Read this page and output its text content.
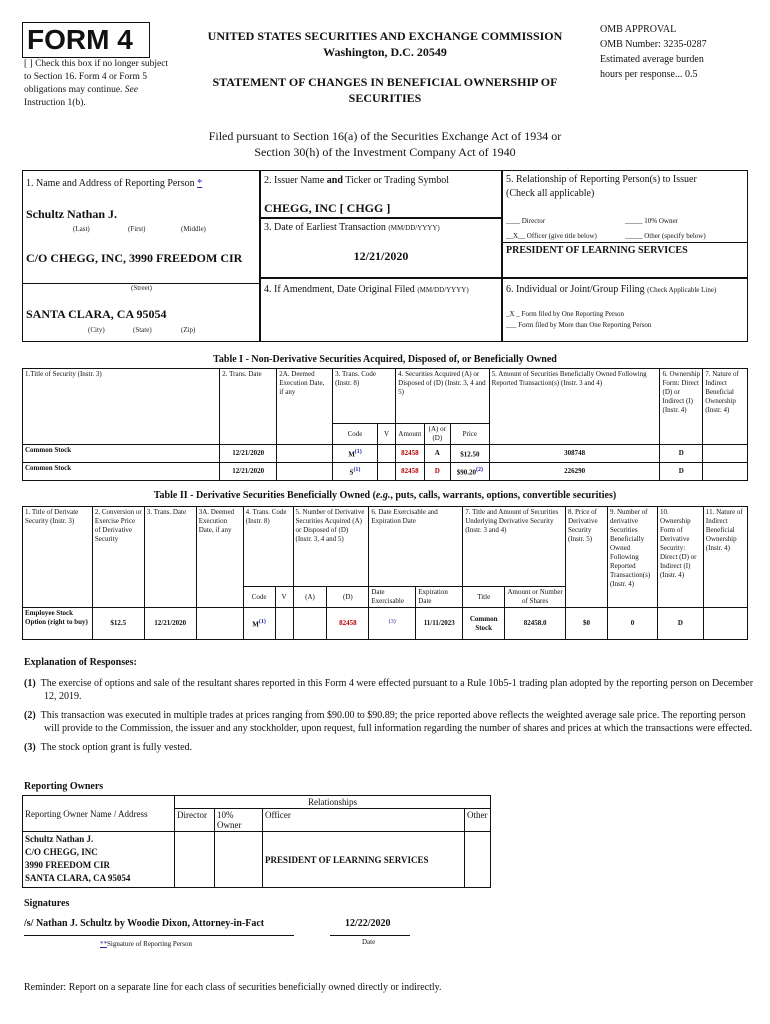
FORM 4
[ ] Check this box if no longer subject to Section 16. Form 4 or Form 5 obligations may continue. See Instruction 1(b).
UNITED STATES SECURITIES AND EXCHANGE COMMISSION
Washington, D.C. 20549
STATEMENT OF CHANGES IN BENEFICIAL OWNERSHIP OF SECURITIES
OMB APPROVAL
OMB Number: 3235-0287
Estimated average burden
hours per response... 0.5
Filed pursuant to Section 16(a) of the Securities Exchange Act of 1934 or
Section 30(h) of the Investment Company Act of 1940
1. Name and Address of Reporting Person *
Schultz Nathan J.
(Last)	(First)	(Middle)
C/O CHEGG, INC, 3990 FREEDOM CIR
(Street)
SANTA CLARA, CA 95054
(City)	(State)	(Zip)
2. Issuer Name and Ticker or Trading Symbol
CHEGG, INC [ CHGG ]
3. Date of Earliest Transaction (MM/DD/YYYY)
12/21/2020
4. If Amendment, Date Original Filed (MM/DD/YYYY)
5. Relationship of Reporting Person(s) to Issuer
(Check all applicable)
____ Director	_____ 10% Owner
__X__ Officer (give title below)	_____ Other (specify below)
PRESIDENT OF LEARNING SERVICES
6. Individual or Joint/Group Filing (Check Applicable Line)
_X _ Form filed by One Reporting Person
___ Form filed by More than One Reporting Person
Table I - Non-Derivative Securities Acquired, Disposed of, or Beneficially Owned
1.Title of Security (Instr. 3)	2. Trans. Date	2A. Deemed Execution Date, if any	3. Trans. Code (Instr. 8)		4. Securities Acquired (A) or Disposed of (D) (Instr. 3, 4 and 5)			5. Amount of Securities Beneficially Owned Following Reported Transaction(s) (Instr. 3 and 4)	6. Ownership Form: Direct (D) or Indirect (I) (Instr. 4)	7. Nature of Indirect Beneficial Ownership (Instr. 4)
			Code	V	Amount	(A) or (D)	Price			
Common Stock	12/21/2020		$M^{(1)}$		82458	A	$12.50	308748	D	
Common Stock	12/21/2020		$S^{(1)}$		82458	D	$90.20$^{(2)}$	226290	D	
Table II - Derivative Securities Beneficially Owned (e.g., puts, calls, warrants, options, convertible securities)
1. Title of Derivate Security (Instr. 3)	2. Conversion or Exercise Price of Derivative Security	3. Trans. Date	3A. Deemed Execution Date, if any	4. Trans. Code (Instr. 8)		5. Number of Derivative Securities Acquired (A) or Disposed of (D) (Instr. 3, 4 and 5)		6. Date Exercisable and Expiration Date		7. Title and Amount of Securities Underlying Derivative Security (Instr. 3 and 4)		8. Price of Derivative Security (Instr. 5)	9. Number of derivative Securities Beneficially Owned Following Reported Transaction(s) (Instr. 4)	10. Ownership Form of Derivative Security: Direct (D) or Indirect (I) (Instr. 4)	11. Nature of Indirect Beneficial Ownership (Instr. 4)
				Code	V	(A)	(D)	Date Exercisable	Expiration Date	Title	Amount or Number of Shares				
Employee Stock Option (right to buy)	$12.5	12/21/2020		$M^{(1)}$			82458	$^{(3)}$	11/11/2023	Common Stock	82458.0	$0	0	D	
Explanation of Responses:

(1) The exercise of options and sale of the resultant shares reported in this Form 4 were effected pursuant to a Rule 10b5-1 trading plan adopted by the reporting person on December 12, 2019.

(2) This transaction was executed in multiple trades at prices ranging from $90.00 to $90.89; the price reported above reflects the weighted average sale price. The reporting person will provide to the Commission, the issuer and any stockholder, upon request, full information regarding the number of shares and prices at which the transactions were effected.

(3) The stock option grant is fully vested.

Reporting Owners
Reporting Owner Name / Address	Relationships			
	Director	10% Owner	Officer	Other

Schultz Nathan J.
C/O CHEGG, INC
3990 FREEDOM CIR
SANTA CLARA, CA 95054			PRESIDENT OF LEARNING SERVICES	
Signatures
/s/ Nathan J. Schultz by Woodie Dixon, Attorney-in-Fact	12/22/2020
**Signature of Reporting Person	Date
Reminder: Report on a separate line for each class of securities beneficially owned directly or indirectly.
